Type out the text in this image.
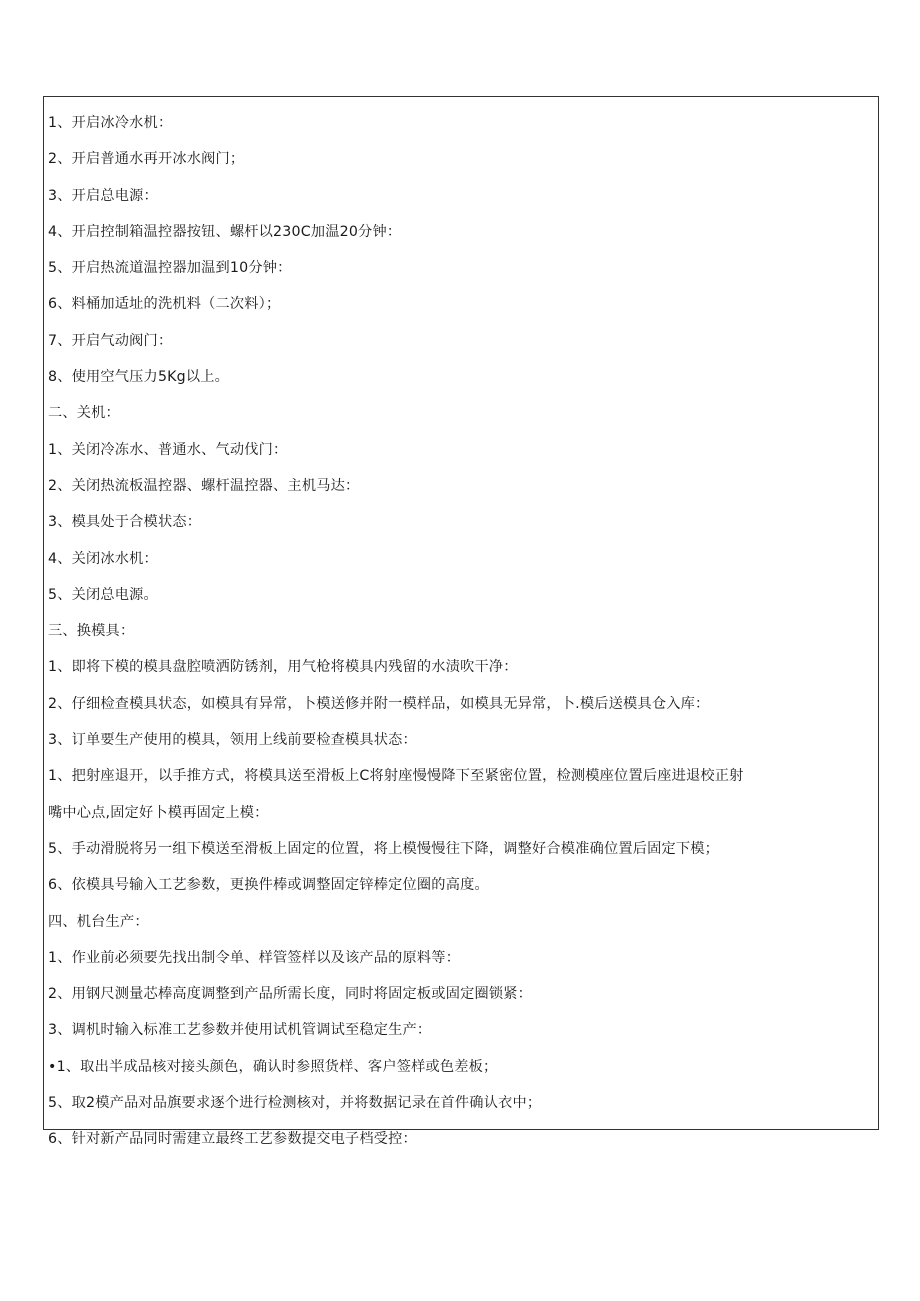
1、开启冰冷水机：
2、开启普通水再开冰水阀门；
3、开启总电源：
4、开启控制箱温控器按钮、螺杆以230C加温20分钟：
5、开启热流道温控器加温到10分钟：
6、料桶加适址的洗机料（二次料）；
7、开启气动阀门：
8、使用空气压力5Kg以上。
二、关机：
1、关闭冷冻水、普通水、气动伐门：
2、关闭热流板温控器、螺杆温控器、主机马达：
3、模具处于合模状态：
4、关闭冰水机：
5、关闭总电源。
三、换模具：
1、即将下模的模具盘腔喷洒防锈剂，用气枪将模具内残留的水渍吹干净：
2、仔细检查模具状态，如模具有异常，卜模送修并附一模样品，如模具无异常，卜.模后送模具仓入库：
3、订单要生产使用的模具，领用上线前要检查模具状态：
1、把射座退开，以手推方式，将模具送至滑板上C将射座慢慢降下至紧密位置，检测模座位置后座进退校正射
嘴中心点,固定好卜模再固定上模：
5、手动滑脱将另一组下模送至滑板上固定的位置，将上模慢慢往下降，调整好合模准确位置后固定下模；
6、依模具号输入工艺参数，更换件棒或调整固定锌棒定位圈的高度。
四、机台生产：
1、作业前必须要先找出制令单、样管签样以及该产品的原料等：
2、用钢尺测量芯棒高度调整到产品所需长度，同时将固定板或固定圈锁紧：
3、调机时输入标准工艺参数并使用试机管调试至稳定生产：
•1、取出半成品核对接头颜色，确认时参照货样、客户签样或色差板；
5、取2模产品对品旗要求逐个进行检测核对，并将数据记录在首件确认衣中；
6、针对新产品同时需建立最终工艺参数提交电子档受控：
